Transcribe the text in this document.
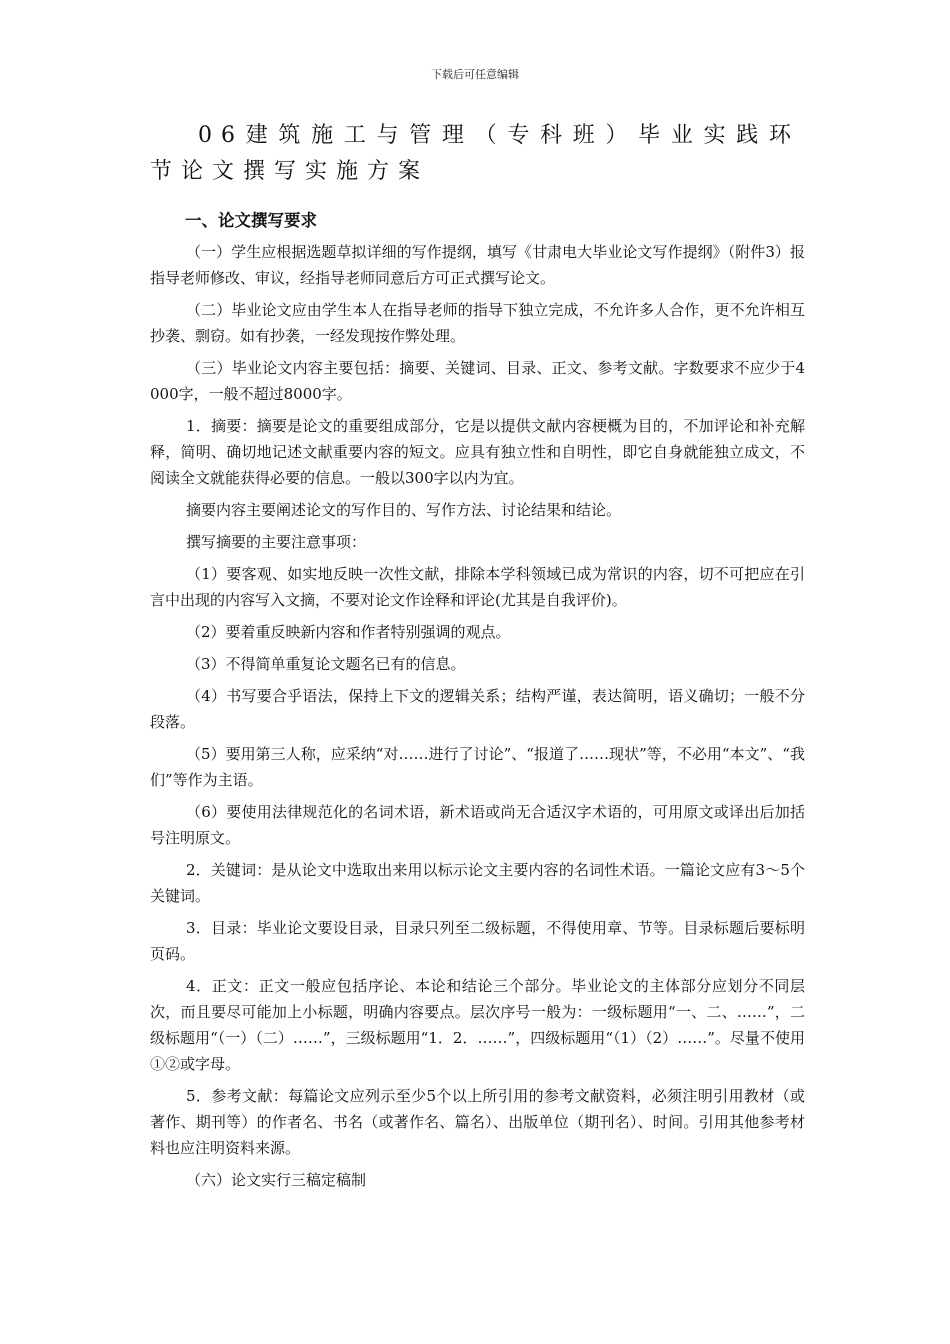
下载后可任意编辑
06建筑施工与管理（专科班）毕业实践环节论文撰写实施方案
一、论文撰写要求

（一）学生应根据选题草拟详细的写作提纲，填写《甘肃电大毕业论文写作提纲》（附件3）报指导老师修改、审议，经指导老师同意后方可正式撰写论文。

（二）毕业论文应由学生本人在指导老师的指导下独立完成，不允许多人合作，更不允许相互抄袭、剽窃。如有抄袭，一经发现按作弊处理。

（三）毕业论文内容主要包括：摘要、关键词、目录、正文、参考文献。字数要求不应少于4000字，一般不超过8000字。

1．摘要：摘要是论文的重要组成部分，它是以提供文献内容梗概为目的，不加评论和补充解释，简明、确切地记述文献重要内容的短文。应具有独立性和自明性，即它自身就能独立成文，不阅读全文就能获得必要的信息。一般以300字以内为宜。

摘要内容主要阐述论文的写作目的、写作方法、讨论结果和结论。

撰写摘要的主要注意事项：

（1）要客观、如实地反映一次性文献，排除本学科领域已成为常识的内容，切不可把应在引言中出现的内容写入文摘，不要对论文作诠释和评论(尤其是自我评价)。

（2）要着重反映新内容和作者特别强调的观点。

（3）不得简单重复论文题名已有的信息。

（4）书写要合乎语法，保持上下文的逻辑关系；结构严谨，表达简明，语义确切；一般不分段落。

（5）要用第三人称，应采纳“对……进行了讨论”、“报道了……现状”等，不必用“本文”、“我们”等作为主语。

（6）要使用法律规范化的名词术语，新术语或尚无合适汉字术语的，可用原文或译出后加括号注明原文。

2．关键词：是从论文中选取出来用以标示论文主要内容的名词性术语。一篇论文应有3～5个关键词。

3．目录：毕业论文要设目录，目录只列至二级标题，不得使用章、节等。目录标题后要标明页码。

4．正文：正文一般应包括序论、本论和结论三个部分。毕业论文的主体部分应划分不同层次，而且要尽可能加上小标题，明确内容要点。层次序号一般为：一级标题用“一、二、……”，二级标题用“（一）（二）……”，三级标题用“1．2．……”，四级标题用“（1）（2）……”。尽量不使用①②或字母。

5．参考文献：每篇论文应列示至少5个以上所引用的参考文献资料，必须注明引用教材（或著作、期刊等）的作者名、书名（或著作名、篇名）、出版单位（期刊名）、时间。引用其他参考材料也应注明资料来源。

（六）论文实行三稿定稿制
